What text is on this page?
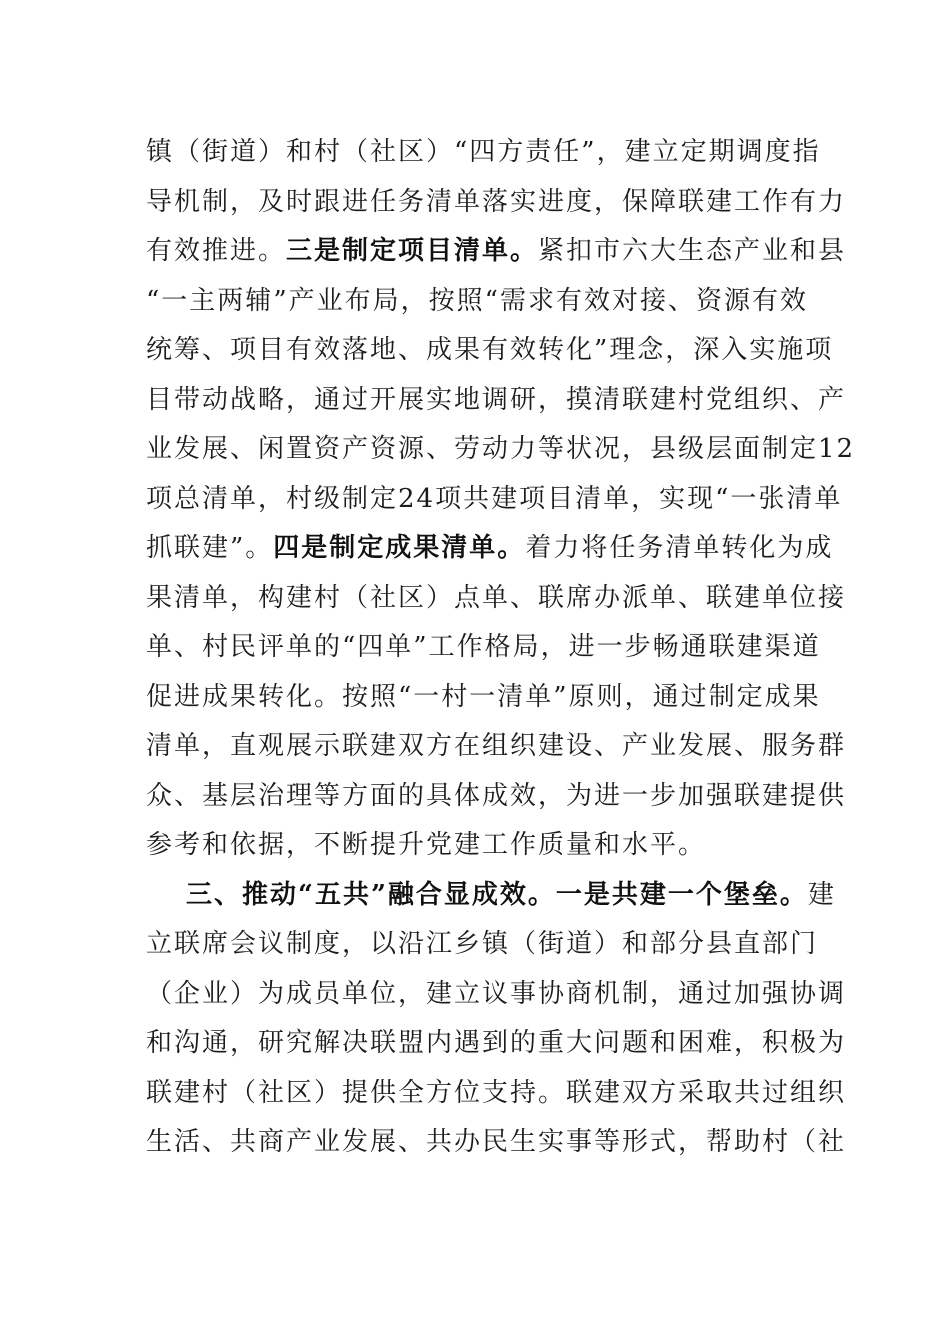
镇（街道）和村（社区）“四方责任”，建立定期调度指
导机制，及时跟进任务清单落实进度，保障联建工作有力
有效推进。三是制定项目清单。紧扣市六大生态产业和县
“一主两辅”产业布局，按照“需求有效对接、资源有效
统筹、项目有效落地、成果有效转化”理念，深入实施项
目带动战略，通过开展实地调研，摸清联建村党组织、产
业发展、闲置资产资源、劳动力等状况，县级层面制定12
项总清单，村级制定24项共建项目清单，实现“一张清单
抓联建”。四是制定成果清单。着力将任务清单转化为成
果清单，构建村（社区）点单、联席办派单、联建单位接
单、村民评单的“四单”工作格局，进一步畅通联建渠道
促进成果转化。按照“一村一清单”原则，通过制定成果
清单，直观展示联建双方在组织建设、产业发展、服务群
众、基层治理等方面的具体成效，为进一步加强联建提供
参考和依据，不断提升党建工作质量和水平。
三、推动“五共”融合显成效。一是共建一个堡垒。建
立联席会议制度，以沿江乡镇（街道）和部分县直部门
（企业）为成员单位，建立议事协商机制，通过加强协调
和沟通，研究解决联盟内遇到的重大问题和困难，积极为
联建村（社区）提供全方位支持。联建双方采取共过组织
生活、共商产业发展、共办民生实事等形式，帮助村（社
